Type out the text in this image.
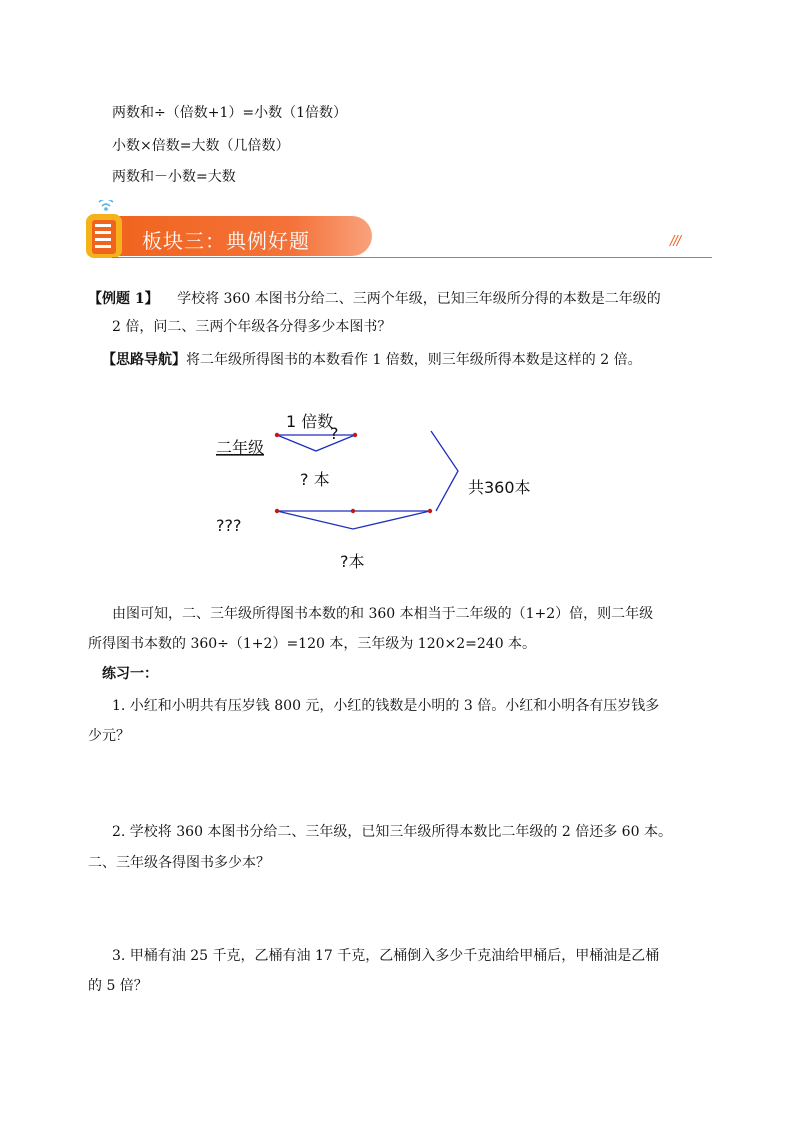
两数和÷（倍数+1）=小数（1倍数）
小数×倍数=大数（几倍数）
两数和－小数=大数
板块三：典例好题	///
【例题 1】 学校将 360 本图书分给二、三两个年级，已知三年级所分得的本数是二年级的
2 倍，问二、三两个年级各分得多少本图书？
【思路导航】将二年级所得图书的本数看作 1 倍数，则三年级所得本数是这样的 2 倍。
1 倍数
二年级
?
? 本
???
共360本
?本
由图可知，二、三年级所得图书本数的和 360 本相当于二年级的（1+2）倍，则二年级
所得图书本数的 360÷（1+2）=120 本，三年级为 120×2=240 本。
练习一：
1. 小红和小明共有压岁钱 800 元，小红的钱数是小明的 3 倍。小红和小明各有压岁钱多
少元？
2. 学校将 360 本图书分给二、三年级，已知三年级所得本数比二年级的 2 倍还多 60 本。
二、三年级各得图书多少本？
3. 甲桶有油 25 千克，乙桶有油 17 千克，乙桶倒入多少千克油给甲桶后，甲桶油是乙桶
的 5 倍？
